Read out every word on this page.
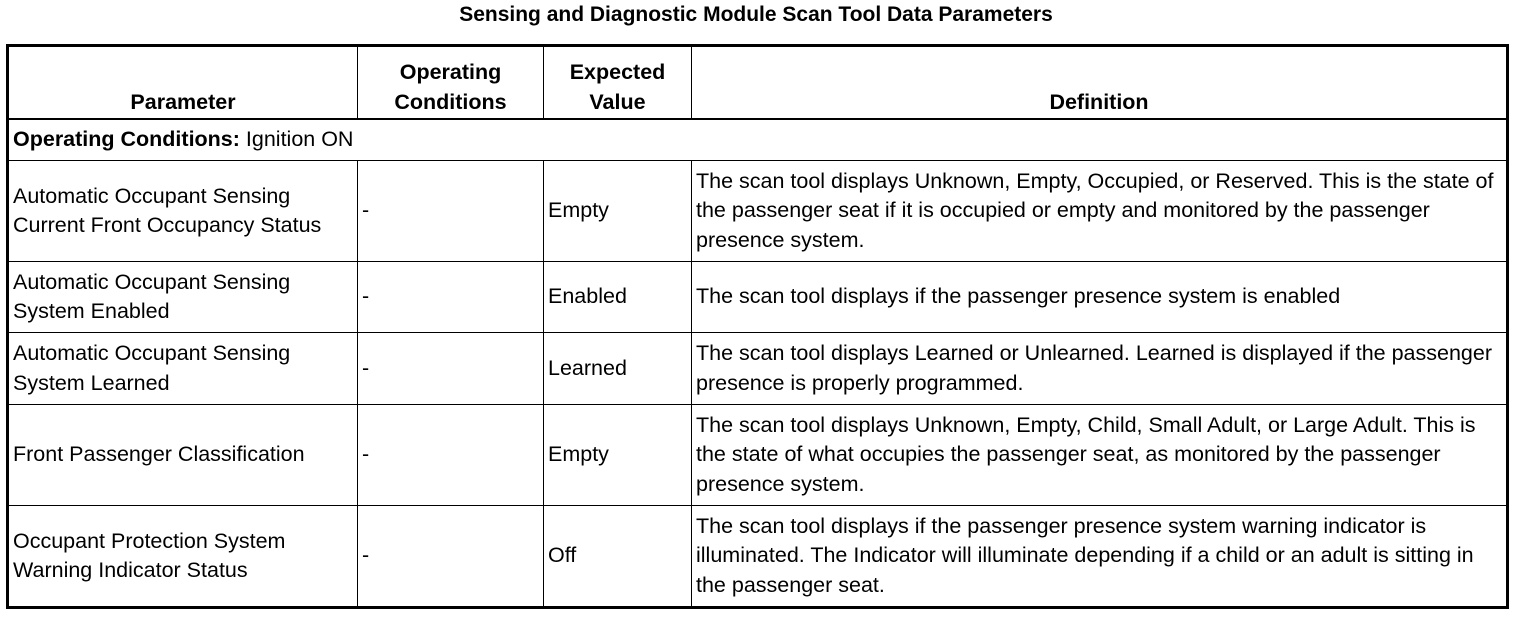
Sensing and Diagnostic Module Scan Tool Data Parameters
Parameter	Operating Conditions	Expected Value	Definition
Operating Conditions: Ignition ON			
Automatic Occupant Sensing Current Front Occupancy Status	-	Empty	The scan tool displays Unknown, Empty, Occupied, or Reserved. This is the state of the passenger seat if it is occupied or empty and monitored by the passenger presence system.
Automatic Occupant Sensing System Enabled	-	Enabled	The scan tool displays if the passenger presence system is enabled
Automatic Occupant Sensing System Learned	-	Learned	The scan tool displays Learned or Unlearned. Learned is displayed if the passenger presence is properly programmed.
Front Passenger Classification	-	Empty	The scan tool displays Unknown, Empty, Child, Small Adult, or Large Adult. This is the state of what occupies the passenger seat, as monitored by the passenger presence system.
Occupant Protection System Warning Indicator Status	-	Off	The scan tool displays if the passenger presence system warning indicator is illuminated. The Indicator will illuminate depending if a child or an adult is sitting in the passenger seat.
